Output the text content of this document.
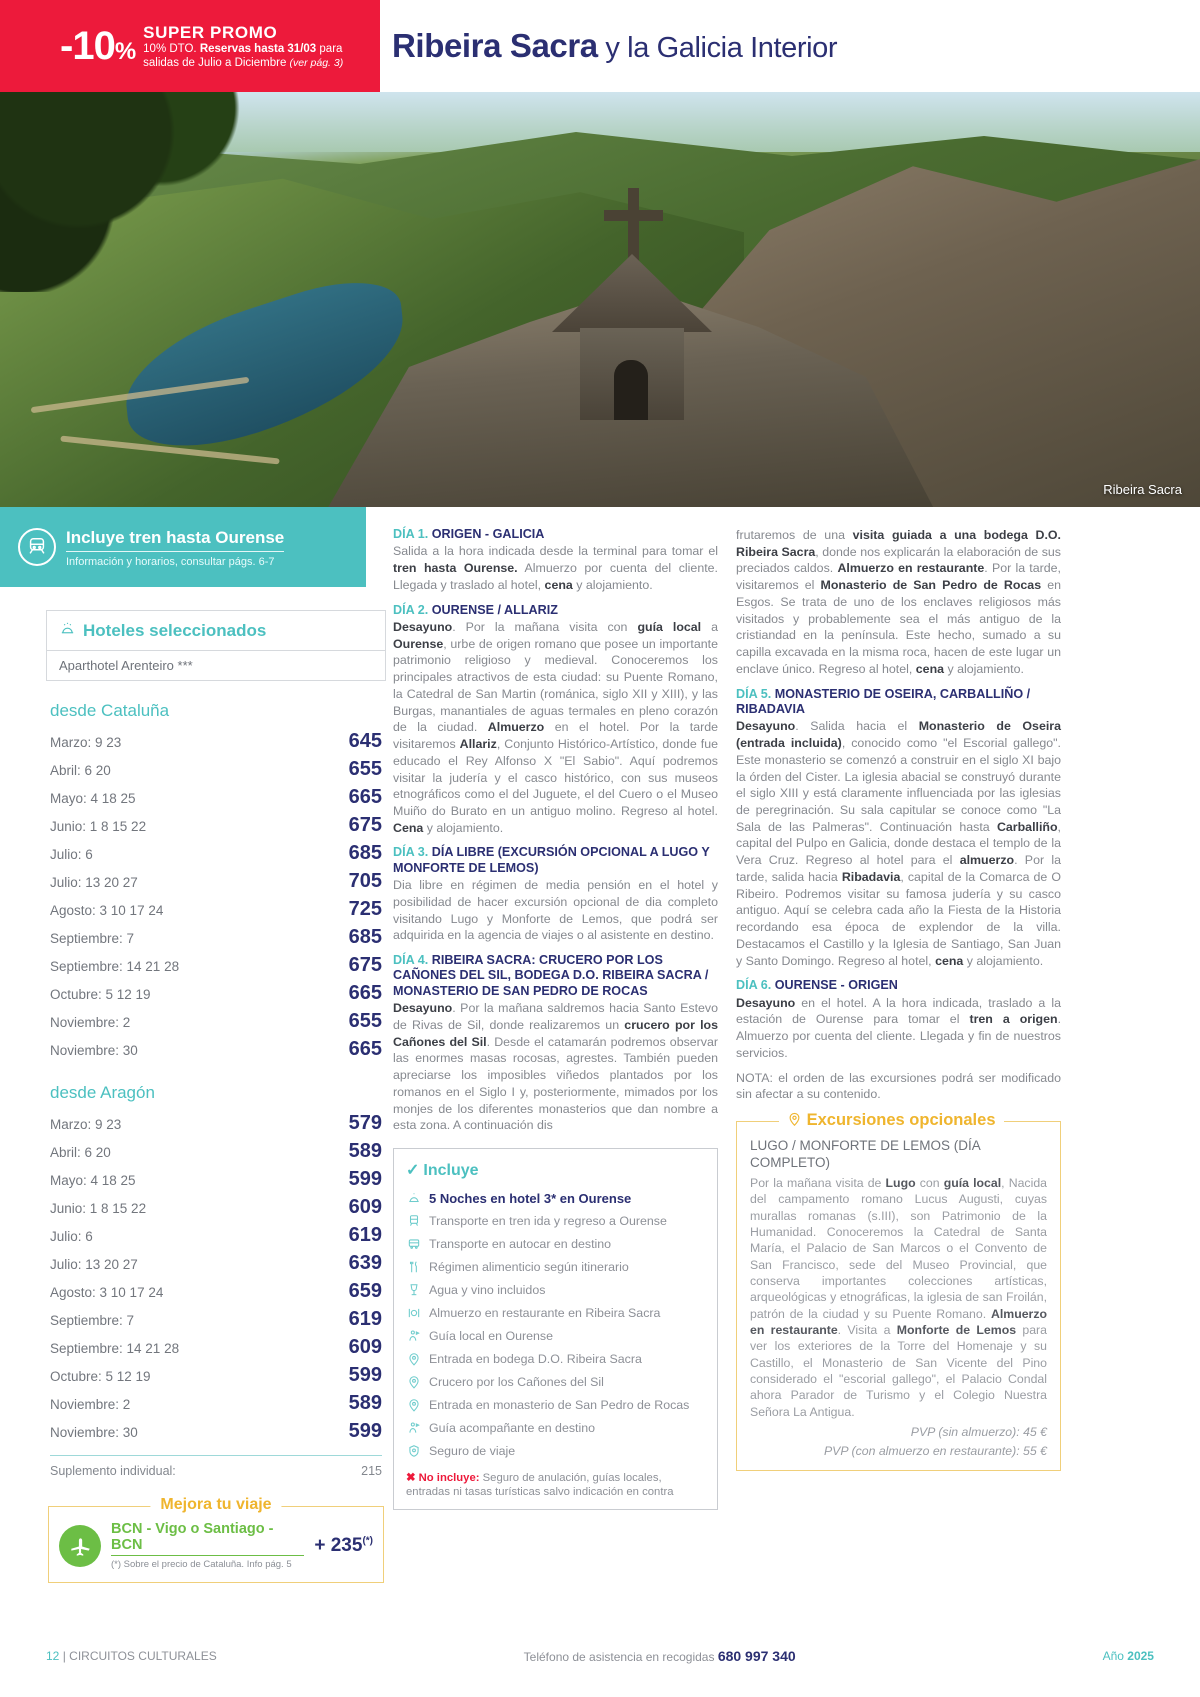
-10%
SUPER PROMO
10% DTO. Reservas hasta 31/03 para
salidas de Julio a Diciembre (ver pág. 3) Ribeira Sacra y la Galicia Interior
Ribeira Sacra
Incluye tren hasta Ourense
Información y horarios, consultar págs. 6-7
Hoteles seleccionados
Aparthotel Arenteiro ***
desde Cataluña
Marzo: 9 23	645
Abril: 6 20	655
Mayo: 4 18 25	665
Junio: 1 8 15 22	675
Julio: 6	685
Julio: 13 20 27	705
Agosto: 3 10 17 24	725
Septiembre: 7	685
Septiembre: 14 21 28	675
Octubre: 5 12 19	665
Noviembre: 2	655
Noviembre: 30	665
desde Aragón
Marzo: 9 23	579
Abril: 6 20	589
Mayo: 4 18 25	599
Junio: 1 8 15 22	609
Julio: 6	619
Julio: 13 20 27	639
Agosto: 3 10 17 24	659
Septiembre: 7	619
Septiembre: 14 21 28	609
Octubre: 5 12 19	599
Noviembre: 2	589
Noviembre: 30	599
Suplemento individual:	215
Mejora tu viaje
BCN - Vigo o Santiago - BCN
(*) Sobre el precio de Cataluña. Info pág. 5
+ 235(*)
DÍA 1. ORIGEN - GALICIA
Salida a la hora indicada desde la terminal para tomar el tren hasta Ourense. Almuerzo por cuenta del cliente. Llegada y traslado al hotel, cena y alojamiento.
DÍA 2. OURENSE / ALLARIZ
Desayuno. Por la mañana visita con guía local a Ourense, urbe de origen romano que posee un importante patrimonio religioso y medieval. Conoceremos los principales atractivos de esta ciudad: su Puente Romano, la Catedral de San Martin (románica, siglo XII y XIII), y las Burgas, manantiales de aguas termales en pleno corazón de la ciudad. Almuerzo en el hotel. Por la tarde visitaremos Allariz, Conjunto Histórico-Artístico, donde fue educado el Rey Alfonso X "El Sabio". Aquí podremos visitar la judería y el casco histórico, con sus museos etnográficos como el del Juguete, el del Cuero o el Museo Muiño do Burato en un antiguo molino. Regreso al hotel. Cena y alojamiento.
DÍA 3. DÍA LIBRE (EXCURSIÓN OPCIONAL A LUGO Y MONFORTE DE LEMOS)
Dia libre en régimen de media pensión en el hotel y posibilidad de hacer excursión opcional de dia completo visitando Lugo y Monforte de Lemos, que podrá ser adquirida en la agencia de viajes o al asistente en destino.
DÍA 4. RIBEIRA SACRA: CRUCERO POR LOS CAÑONES DEL SIL, BODEGA D.O. RIBEIRA SACRA / MONASTERIO DE SAN PEDRO DE ROCAS
Desayuno. Por la mañana saldremos hacia Santo Estevo de Rivas de Sil, donde realizaremos un crucero por los Cañones del Sil. Desde el catamarán podremos observar las enormes masas rocosas, agrestes. También pueden apreciarse los imposibles viñedos plantados por los romanos en el Siglo I y, posteriormente, mimados por los monjes de los diferentes monasterios que dan nombre a esta zona. A continuación dis
✓ Incluye
5 Noches en hotel 3* en Ourense
Transporte en tren ida y regreso a Ourense
Transporte en autocar en destino
Régimen alimenticio según itinerario
Agua y vino incluidos
Almuerzo en restaurante en Ribeira Sacra
Guía local en Ourense
Entrada en bodega D.O. Ribeira Sacra
Crucero por los Cañones del Sil
Entrada en monasterio de San Pedro de Rocas
Guía acompañante en destino
Seguro de viaje
✖ No incluye: Seguro de anulación, guías locales, entradas ni tasas turísticas salvo indicación en contra
frutaremos de una visita guiada a una bodega D.O. Ribeira Sacra, donde nos explicarán la elaboración de sus preciados caldos. Almuerzo en restaurante. Por la tarde, visitaremos el Monasterio de San Pedro de Rocas en Esgos. Se trata de uno de los enclaves religiosos más visitados y probablemente sea el más antiguo de la cristiandad en la península. Este hecho, sumado a su capilla excavada en la misma roca, hacen de este lugar un enclave único. Regreso al hotel, cena y alojamiento.
DÍA 5. MONASTERIO DE OSEIRA, CARBALLIÑO / RIBADAVIA
Desayuno. Salida hacia el Monasterio de Oseira (entrada incluida), conocido como "el Escorial gallego". Este monasterio se comenzó a construir en el siglo XI bajo la órden del Cister. La iglesia abacial se construyó durante el siglo XIII y está claramente influenciada por las iglesias de peregrinación. Su sala capitular se conoce como "La Sala de las Palmeras". Continuación hasta Carballiño, capital del Pulpo en Galicia, donde destaca el templo de la Vera Cruz. Regreso al hotel para el almuerzo. Por la tarde, salida hacia Ribadavia, capital de la Comarca de O Ribeiro. Podremos visitar su famosa judería y su casco antiguo. Aquí se celebra cada año la Fiesta de la Historia recordando esa época de explendor de la villa. Destacamos el Castillo y la Iglesia de Santiago, San Juan y Santo Domingo. Regreso al hotel, cena y alojamiento.
DÍA 6. OURENSE - ORIGEN
Desayuno en el hotel. A la hora indicada, traslado a la estación de Ourense para tomar el tren a origen. Almuerzo por cuenta del cliente. Llegada y fin de nuestros servicios.
NOTA: el orden de las excursiones podrá ser modificado sin afectar a su contenido.
Excursiones opcionales
LUGO / MONFORTE DE LEMOS (DÍA COMPLETO)
Por la mañana visita de Lugo con guía local, Nacida del campamento romano Lucus Augusti, cuyas murallas romanas (s.III), son Patrimonio de la Humanidad. Conoceremos la Catedral de Santa María, el Palacio de San Marcos o el Convento de San Francisco, sede del Museo Provincial, que conserva importantes colecciones artísticas, arqueológicas y etnográficas, la iglesia de san Froilán, patrón de la ciudad y su Puente Romano. Almuerzo en restaurante. Visita a Monforte de Lemos para ver los exteriores de la Torre del Homenaje y su Castillo, el Monasterio de San Vicente del Pino considerado el "escorial gallego", el Palacio Condal ahora Parador de Turismo y el Colegio Nuestra Señora La Antigua.
PVP (sin almuerzo): 45 €
PVP (con almuerzo en restaurante): 55 €
12 | CIRCUITOS CULTURALES	Teléfono de asistencia en recogidas 680 997 340	Año 2025
